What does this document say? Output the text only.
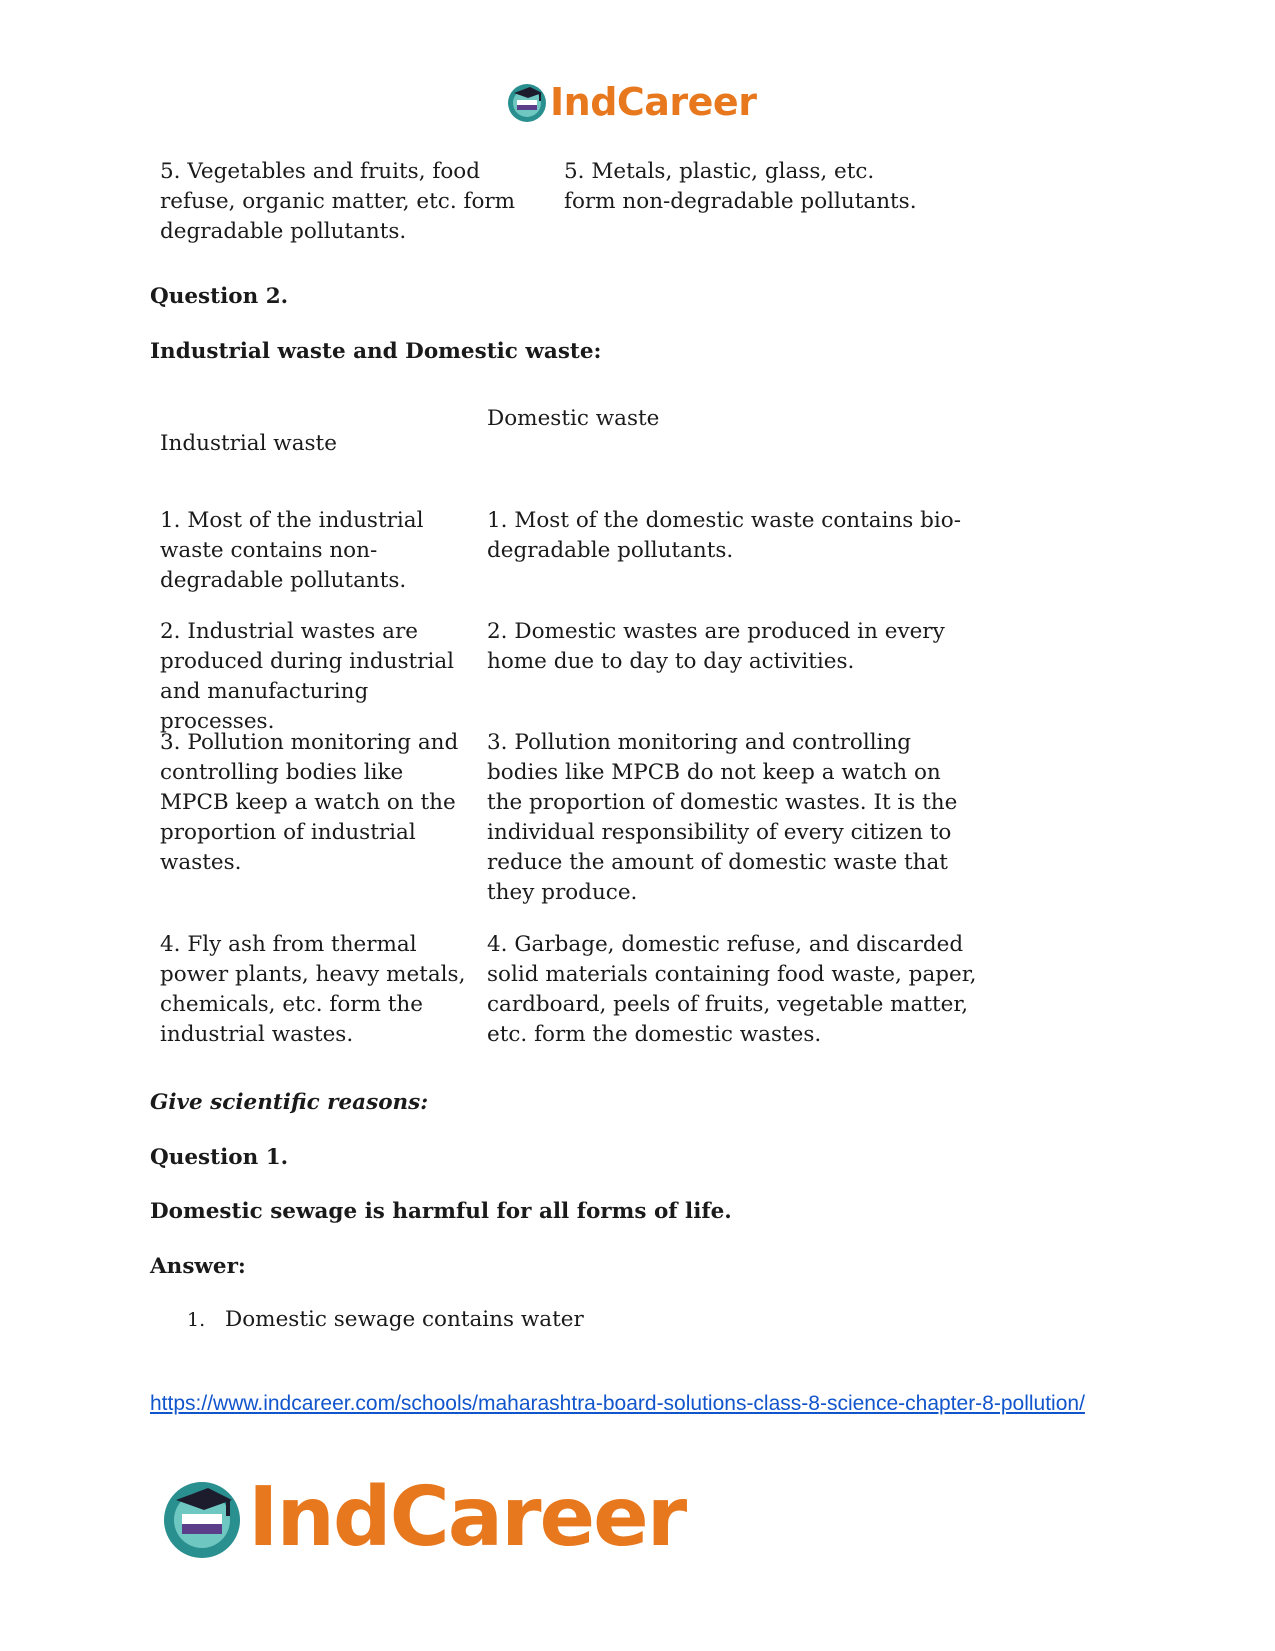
IndCareer
5. Vegetables and fruits, food refuse, organic matter, etc. form degradable pollutants.
5. Metals, plastic, glass, etc. form non-degradable pollutants.
Question 2.
Industrial waste and Domestic waste:
Industrial waste
Domestic waste
1. Most of the industrial waste contains non-degradable pollutants.
1. Most of the domestic waste contains bio-degradable pollutants.
2. Industrial wastes are produced during industrial and manufacturing processes.
2. Domestic wastes are produced in every home due to day to day activities.
3. Pollution monitoring and controlling bodies like MPCB keep a watch on the proportion of industrial wastes.
3. Pollution monitoring and controlling bodies like MPCB do not keep a watch on the proportion of domestic wastes. It is the individual responsibility of every citizen to reduce the amount of domestic waste that they produce.
4. Fly ash from thermal power plants, heavy metals, chemicals, etc. form the industrial wastes.
4. Garbage, domestic refuse, and discarded solid materials containing food waste, paper, cardboard, peels of fruits, vegetable matter, etc. form the domestic wastes.
Give scientific reasons:
Question 1.
Domestic sewage is harmful for all forms of life.
Answer:
1. Domestic sewage contains water
https://www.indcareer.com/schools/maharashtra-board-solutions-class-8-science-chapter-8-pollution/
IndCareer
